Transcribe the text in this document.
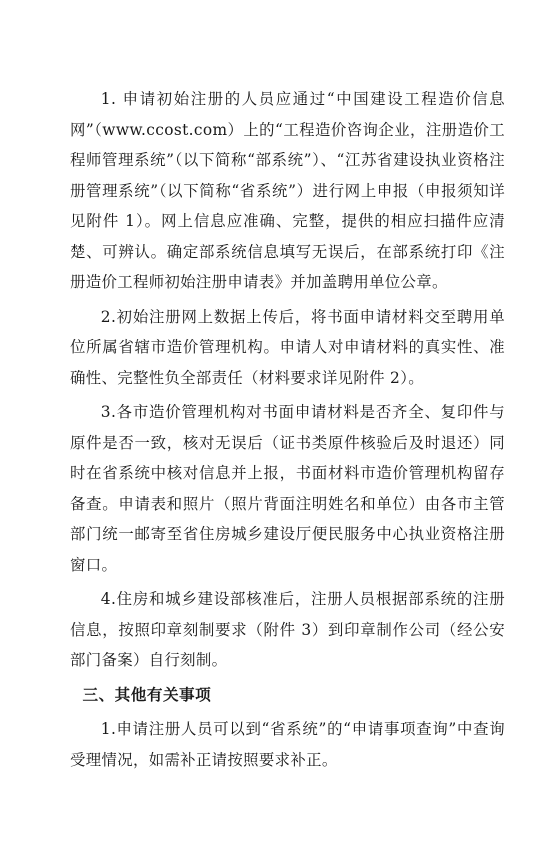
1. 申请初始注册的人员应通过“中国建设工程造价信息网”（www.ccost.com）上的“工程造价咨询企业，注册造价工程师管理系统”（以下简称“部系统”）、“江苏省建设执业资格注册管理系统”（以下简称“省系统”）进行网上申报（申报须知详见附件 1）。网上信息应准确、完整，提供的相应扫描件应清楚、可辨认。确定部系统信息填写无误后，在部系统打印《注册造价工程师初始注册申请表》并加盖聘用单位公章。

2.初始注册网上数据上传后，将书面申请材料交至聘用单位所属省辖市造价管理机构。申请人对申请材料的真实性、准确性、完整性负全部责任（材料要求详见附件 2）。

3.各市造价管理机构对书面申请材料是否齐全、复印件与原件是否一致，核对无误后（证书类原件核验后及时退还）同时在省系统中核对信息并上报，书面材料市造价管理机构留存备查。申请表和照片（照片背面注明姓名和单位）由各市主管部门统一邮寄至省住房城乡建设厅便民服务中心执业资格注册窗口。

4.住房和城乡建设部核准后，注册人员根据部系统的注册信息，按照印章刻制要求（附件 3）到印章制作公司（经公安部门备案）自行刻制。

三、其他有关事项

1.申请注册人员可以到“省系统”的“申请事项查询”中查询受理情况，如需补正请按照要求补正。
